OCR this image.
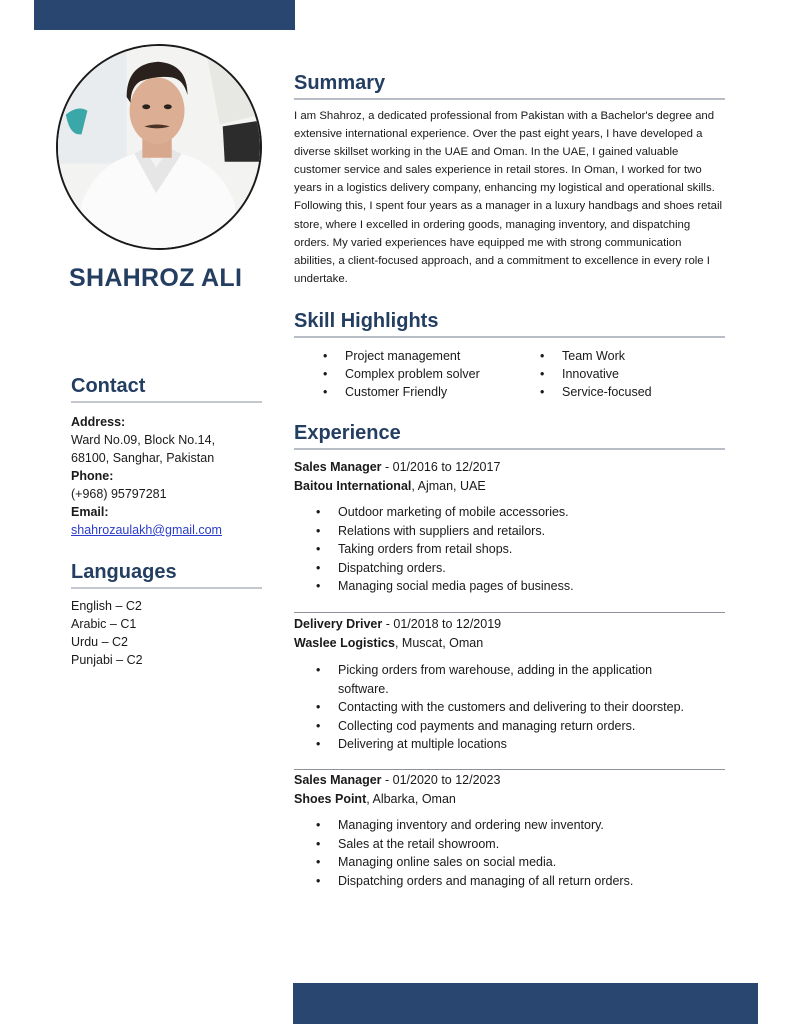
SHAHROZ ALI
Contact
Address:
Ward No.09, Block No.14,
68100, Sanghar, Pakistan
Phone:
(+968) 95797281
Email:
shahrozaulakh@gmail.com
Languages
English – C2
Arabic – C1
Urdu – C2
Punjabi – C2
Summary
I am Shahroz, a dedicated professional from Pakistan with a Bachelor's degree and extensive international experience. Over the past eight years, I have developed a diverse skillset working in the UAE and Oman. In the UAE, I gained valuable customer service and sales experience in retail stores. In Oman, I worked for two years in a logistics delivery company, enhancing my logistical and operational skills. Following this, I spent four years as a manager in a luxury handbags and shoes retail store, where I excelled in ordering goods, managing inventory, and dispatching orders. My varied experiences have equipped me with strong communication abilities, a client-focused approach, and a commitment to excellence in every role I undertake.
Skill Highlights
• Project management
• Complex problem solver
• Customer Friendly
• Team Work
• Innovative
• Service-focused
Experience
Sales Manager - 01/2016 to 12/2017
Baitou International, Ajman, UAE
• Outdoor marketing of mobile accessories.
• Relations with suppliers and retailors.
• Taking orders from retail shops.
• Dispatching orders.
• Managing social media pages of business.
Delivery Driver - 01/2018 to 12/2019
Waslee Logistics, Muscat, Oman
• Picking orders from warehouse, adding in the application software.
• Contacting with the customers and delivering to their doorstep.
• Collecting cod payments and managing return orders.
• Delivering at multiple locations
Sales Manager - 01/2020 to 12/2023
Shoes Point, Albarka, Oman
• Managing inventory and ordering new inventory.
• Sales at the retail showroom.
• Managing online sales on social media.
• Dispatching orders and managing of all return orders.
